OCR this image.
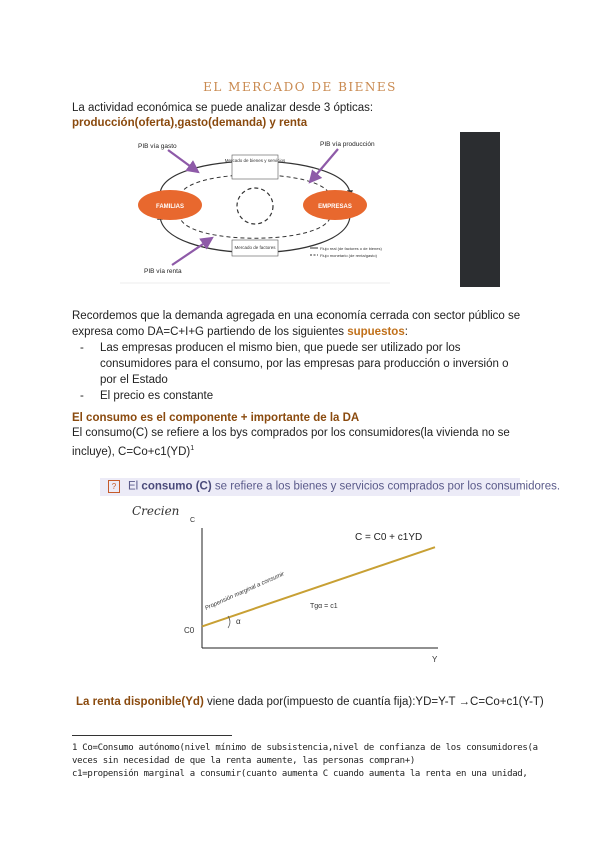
EL MERCADO DE BIENES
La actividad económica se puede analizar desde 3 ópticas:
producción(oferta),gasto(demanda) y renta
Mercado de bienes y servicios
Mercado de factores
FAMILIAS	EMPRESAS
PIB vía gasto	PIB vía producción
PIB vía renta
Flujo real (de factores o de bienes)
Flujo monetario (de renta/gasto)
Recordemos que la demanda agregada en una economía cerrada con sector público se expresa como DA=C+I+G partiendo de los siguientes supuestos:
- Las empresas producen el mismo bien, que puede ser utilizado por los consumidores para el consumo, por las empresas para producción o inversión o por el Estado
- El precio es constante
El consumo es el componente + importante de la DA
El consumo(C) se refiere a los bys comprados por los consumidores(la vivienda no se incluye), C=Co+c1(YD)$^1$
? El consumo (C) se refiere a los bienes y servicios comprados por los consumidores.
Crecien
C
Y
C0
C = C0 + c1YD
Tgα = c1
α
Propensión marginal a consumir
La renta disponible(Yd) viene dada por(impuesto de cuantía fija):YD=Y-T →C=Co+c1(Y-T)
1 Co=Consumo autónomo(nivel mínimo de subsistencia,nivel de confianza de los consumidores(a
veces sin necesidad de que la renta aumente, las personas compran+)
c1=propensión marginal a consumir(cuanto aumenta C cuando aumenta la renta en una unidad,
